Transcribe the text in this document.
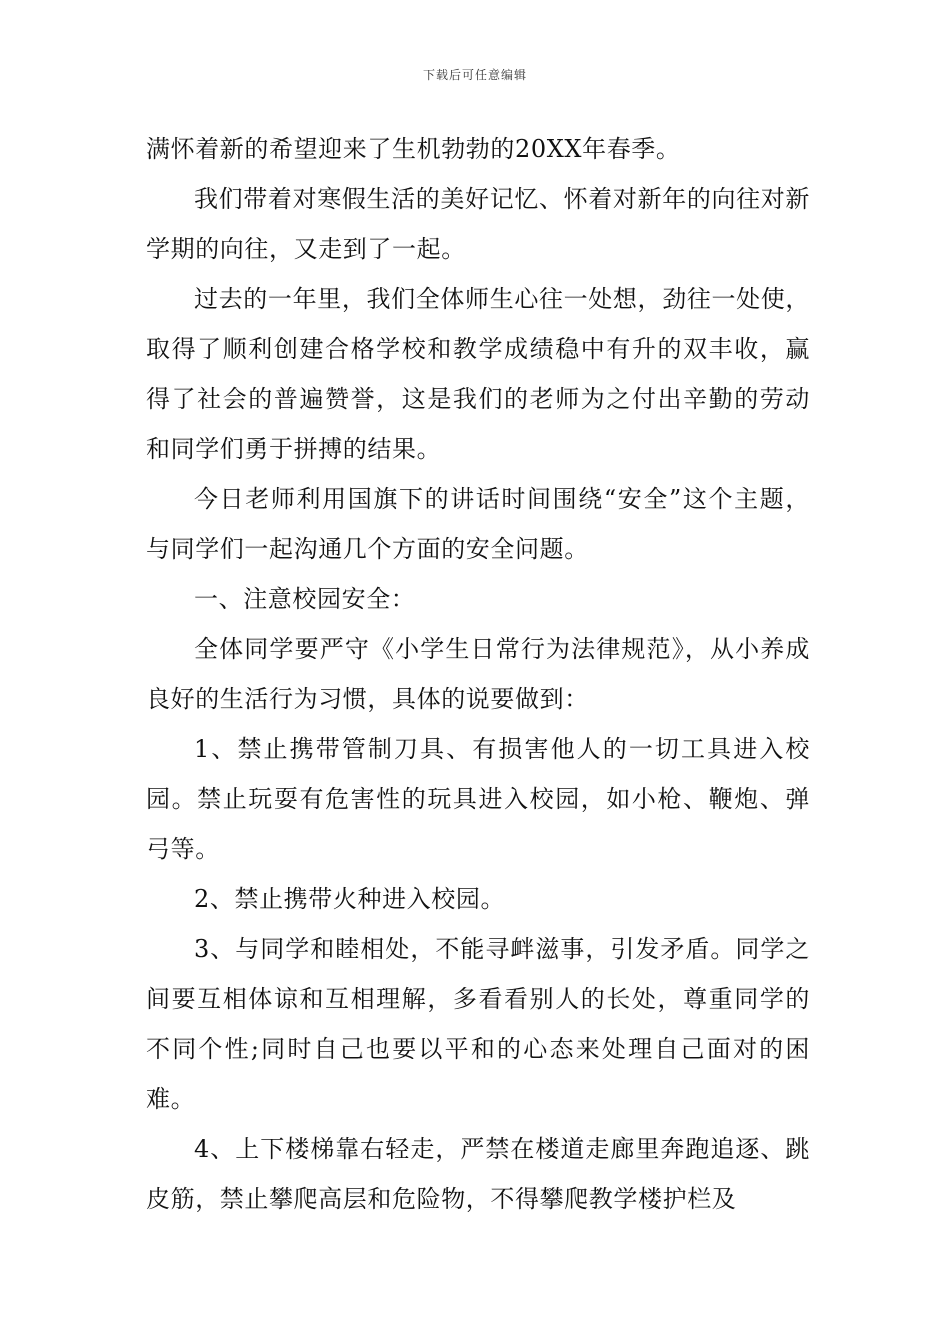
下载后可任意编辑

满怀着新的希望迎来了生机勃勃的20XX年春季。

我们带着对寒假生活的美好记忆、怀着对新年的向往对新学期的向往，又走到了一起。

过去的一年里，我们全体师生心往一处想，劲往一处使，取得了顺利创建合格学校和教学成绩稳中有升的双丰收，赢得了社会的普遍赞誉，这是我们的老师为之付出辛勤的劳动和同学们勇于拼搏的结果。

今日老师利用国旗下的讲话时间围绕“安全”这个主题，与同学们一起沟通几个方面的安全问题。

一、注意校园安全：

全体同学要严守《小学生日常行为法律规范》，从小养成良好的生活行为习惯，具体的说要做到：

1、禁止携带管制刀具、有损害他人的一切工具进入校园。禁止玩耍有危害性的玩具进入校园，如小枪、鞭炮、弹弓等。

2、禁止携带火种进入校园。

3、与同学和睦相处，不能寻衅滋事，引发矛盾。同学之间要互相体谅和互相理解，多看看别人的长处，尊重同学的不同个性;同时自己也要以平和的心态来处理自己面对的困难。

4、上下楼梯靠右轻走，严禁在楼道走廊里奔跑追逐、跳皮筋，禁止攀爬高层和危险物，不得攀爬教学楼护栏及
